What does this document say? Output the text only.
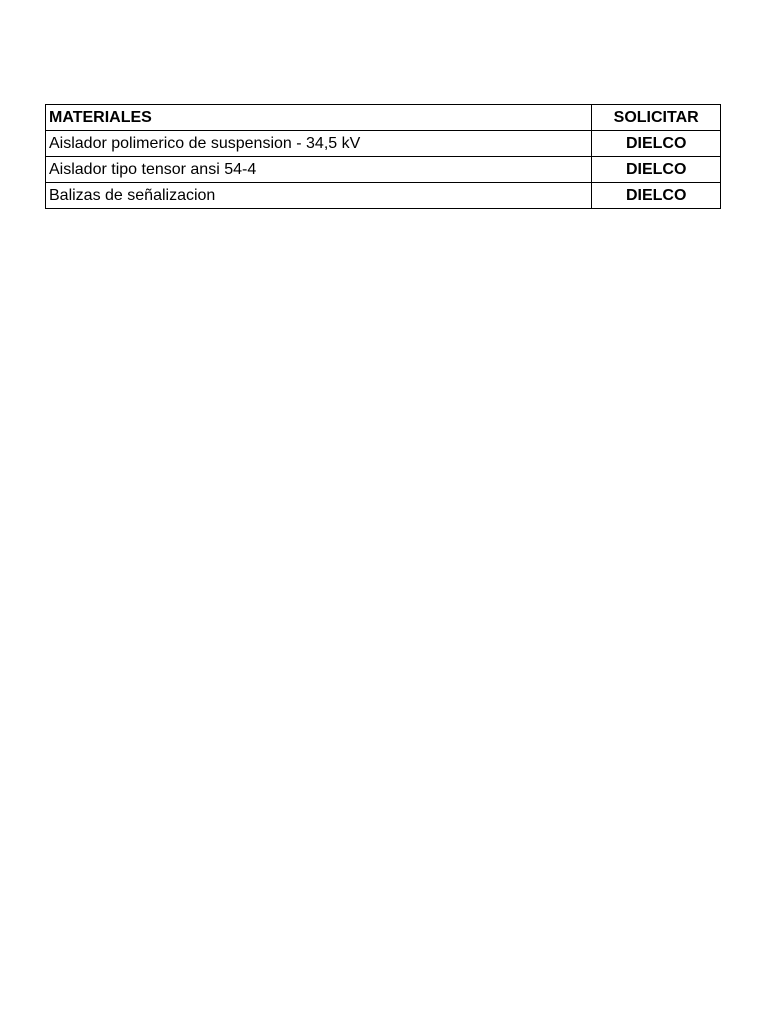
MATERIALES	SOLICITAR
Aislador polimerico de suspension - 34,5 kV	DIELCO
Aislador tipo tensor ansi 54-4	DIELCO
Balizas de señalizacion	DIELCO
